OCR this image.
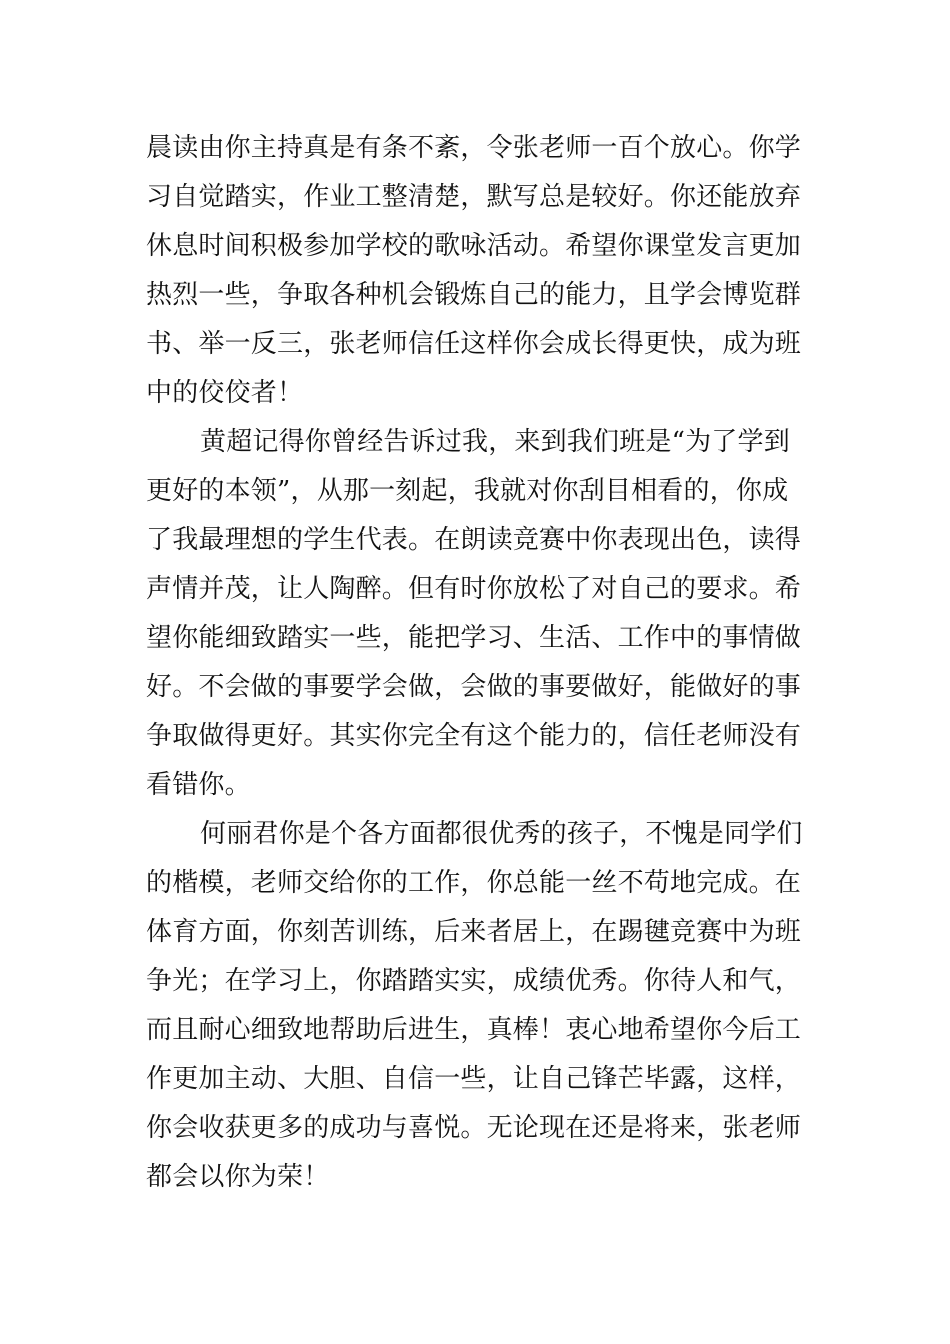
晨读由你主持真是有条不紊，令张老师一百个放心。你学
习自觉踏实，作业工整清楚，默写总是较好。你还能放弃
休息时间积极参加学校的歌咏活动。希望你课堂发言更加
热烈一些，争取各种机会锻炼自己的能力，且学会博览群
书、举一反三，张老师信任这样你会成长得更快，成为班
中的佼佼者！
黄超记得你曾经告诉过我，来到我们班是“为了学到
更好的本领”，从那一刻起，我就对你刮目相看的，你成
了我最理想的学生代表。在朗读竞赛中你表现出色，读得
声情并茂，让人陶醉。但有时你放松了对自己的要求。希
望你能细致踏实一些，能把学习、生活、工作中的事情做
好。不会做的事要学会做，会做的事要做好，能做好的事
争取做得更好。其实你完全有这个能力的，信任老师没有
看错你。
何丽君你是个各方面都很优秀的孩子，不愧是同学们
的楷模，老师交给你的工作，你总能一丝不苟地完成。在
体育方面，你刻苦训练，后来者居上，在踢毽竞赛中为班
争光；在学习上，你踏踏实实，成绩优秀。你待人和气，
而且耐心细致地帮助后进生，真棒！衷心地希望你今后工
作更加主动、大胆、自信一些，让自己锋芒毕露，这样，
你会收获更多的成功与喜悦。无论现在还是将来，张老师
都会以你为荣！
